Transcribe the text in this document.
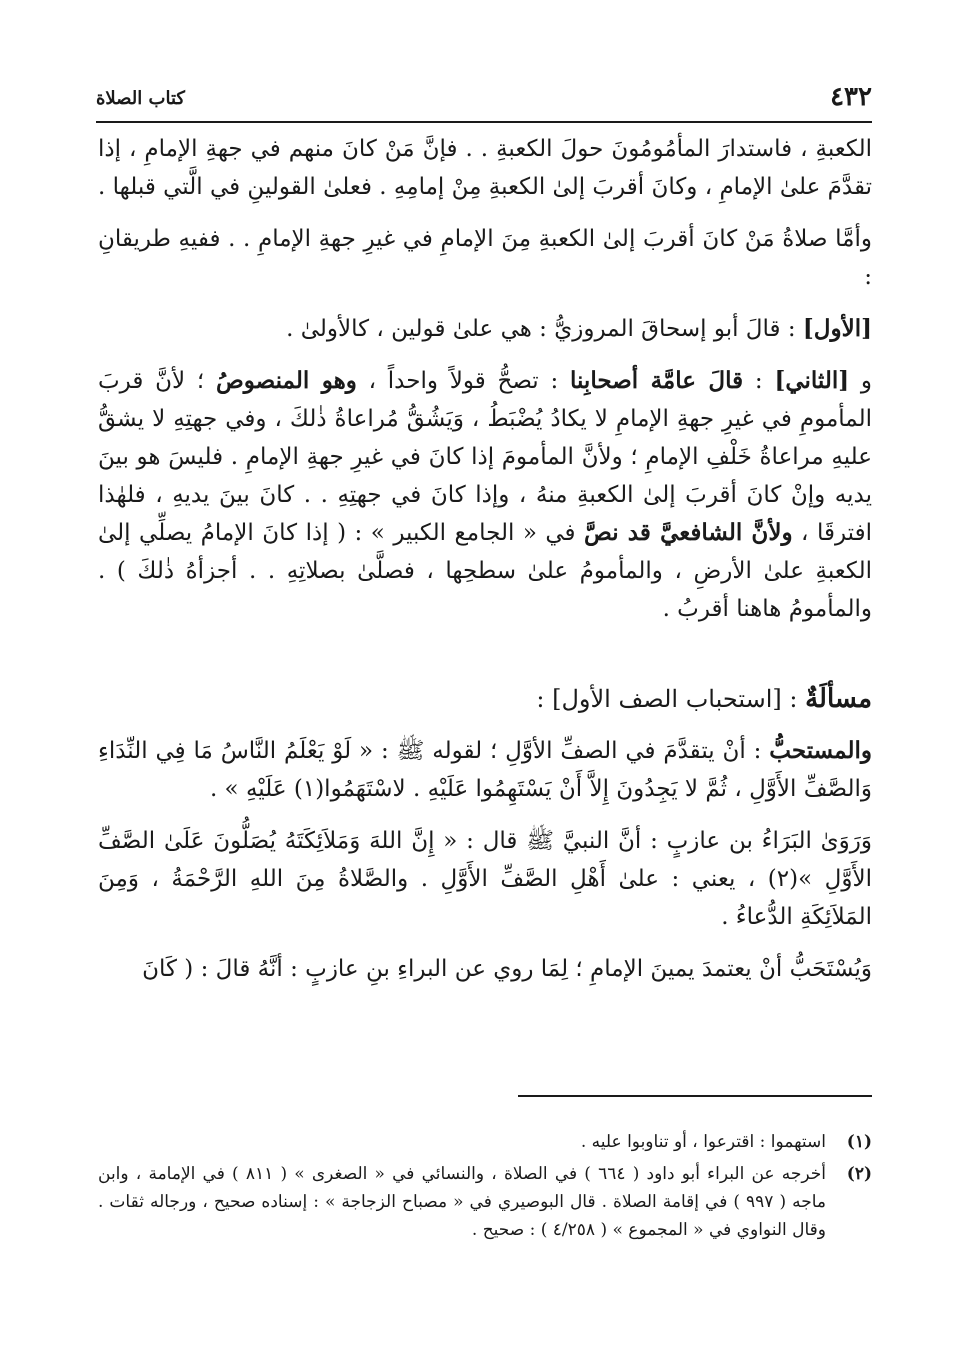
٤٣٢
كتاب الصلاة

الكعبةِ ، فاستدارَ المأمُومُونَ حولَ الكعبةِ . . فإنَّ مَنْ كانَ منهم في جهةِ الإمامِ ، إذا تقدَّمَ علىٰ الإمامِ ، وكانَ أقربَ إلىٰ الكعبةِ مِنْ إمامِهِ . فعلىٰ القولينِ في الَّتي قبلها .

وأمَّا صلاةُ مَنْ كانَ أقربَ إلىٰ الكعبةِ مِنَ الإمامِ في غيرِ جهةِ الإمامِ . . ففيهِ طريقانِ :

[الأول] : قالَ أبو إسحاقَ المروزيُّ : هي علىٰ قولين ، كالأولىٰ .

و [الثاني] : قالَ عامَّة أصحابِنا : تصحُّ قولاً واحداً ، وهو المنصوصُ ؛ لأنَّ قربَ المأمومِ في غيرِ جهةِ الإمامِ لا يكادُ يُضْبَطُ ، وَيَشُقُّ مُراعاةُ ذٰلكَ ، وفي جهتِهِ لا يشقُّ عليهِ مراعاةُ خَلْفِ الإمامِ ؛ ولأنَّ المأمومَ إذا كانَ في غيرِ جهةِ الإمامِ . فليسَ هو بينَ يديه وإنْ كانَ أقربَ إلىٰ الكعبةِ منهُ ، وإذا كانَ في جهتِهِ . . كانَ بينَ يديهِ ، فلهٰذا افترقَا ، ولأنَّ الشافعيَّ قد نصَّ في « الجامع الكبير » : ( إذا كانَ الإمامُ يصلِّي إلىٰ الكعبةِ علىٰ الأرضِ ، والمأمومُ علىٰ سطحِها ، فصلَّىٰ بصلاتِهِ . . أجزأهُ ذٰلكَ ) . والمأمومُ هاهنا أقربُ .

مسألَةٌ : [استحباب الصف الأول] :

والمستحبُّ : أنْ يتقدَّمَ في الصفِّ الأوَّلِ ؛ لقوله ﷺ : « لَوْ يَعْلَمُ النَّاسُ مَا فِي النِّدَاءِ وَالصَّفِّ الأَوَّلِ ، ثُمَّ لا يَجِدُونَ إِلاَّ أَنْ يَسْتَهِمُوا عَلَيْهِ . لاسْتَهَمُوا(١) عَلَيْهِ » .

وَرَوَىٰ البَرَاءُ بن عازبٍ : أنَّ النبيَّ ﷺ قال : « إِنَّ اللهَ وَمَلاَئِكَتَهُ يُصَلُّونَ عَلَىٰ الصَّفِّ الأَوَّلِ »(٢) ، يعني : علىٰ أَهْلِ الصَّفِّ الأَوَّلِ . والصَّلاةُ مِنَ اللهِ الرَّحْمَةُ ، وَمِنَ المَلاَئِكَةِ الدُّعاءُ .

وَيُسْتَحَبُّ أنْ يعتمدَ يمينَ الإمامِ ؛ لِمَا روي عن البراءِ بنِ عازبٍ : أنَّهُ قالَ : ( كَانَ

(١)
استهموا : اقترعوا ، أو تناوبوا عليه .
(٢)
أخرجه عن البراء أبو داود ( ٦٦٤ ) في الصلاة ، والنسائي في « الصغرى » ( ٨١١ ) في الإمامة ، وابن ماجه ( ٩٩٧ ) في إقامة الصلاة . قال البوصيري في « مصباح الزجاجة » : إسناده صحيح ، ورجاله ثقات . وقال النواوي في « المجموع » ( ٤/٢٥٨ ) : صحيح .
